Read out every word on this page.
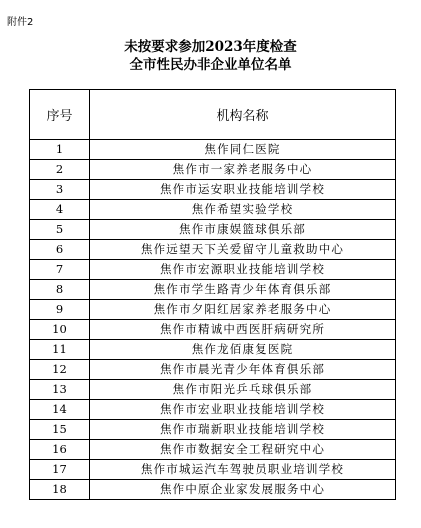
附件2
未按要求参加2023年度检查
全市性民办非企业单位名单
序号	机构名称
1	焦作同仁医院
2	焦作市一家养老服务中心
3	焦作市运安职业技能培训学校
4	焦作希望实验学校
5	焦作市康娱篮球俱乐部
6	焦作远望天下关爱留守儿童救助中心
7	焦作市宏源职业技能培训学校
8	焦作市学生路青少年体育俱乐部
9	焦作市夕阳红居家养老服务中心
10	焦作市精诚中西医肝病研究所
11	焦作龙佰康复医院
12	焦作市晨光青少年体育俱乐部
13	焦作市阳光乒乓球俱乐部
14	焦作市宏业职业技能培训学校
15	焦作市瑞新职业技能培训学校
16	焦作市数据安全工程研究中心
17	焦作市城运汽车驾驶员职业培训学校
18	焦作中原企业家发展服务中心
